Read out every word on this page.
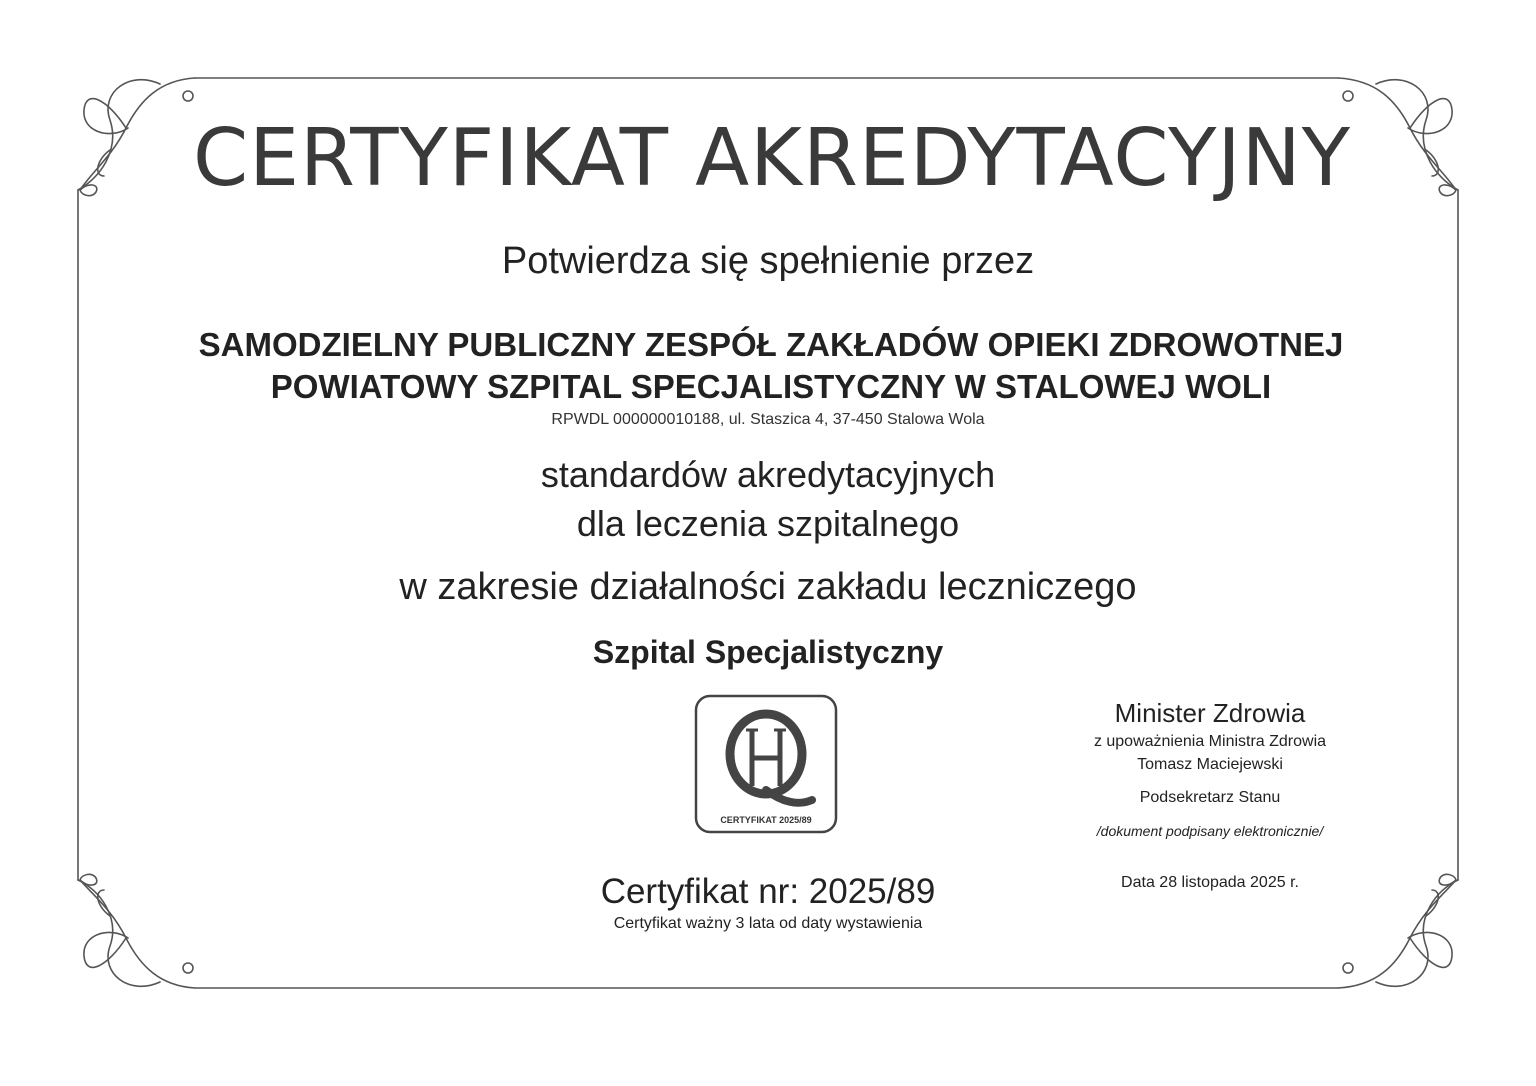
CERTYFIKAT AKREDYTACYJNY
Potwierdza się spełnienie przez
SAMODZIELNY PUBLICZNY ZESPÓŁ ZAKŁADÓW OPIEKI ZDROWOTNEJ
POWIATOWY SZPITAL SPECJALISTYCZNY W STALOWEJ WOLI
RPWDL 000000010188, ul. Staszica 4, 37-450 Stalowa Wola
standardów akredytacyjnych
dla leczenia szpitalnego
w zakresie działalności zakładu leczniczego
Szpital Specjalistyczny
CERTYFIKAT 2025/89
Certyfikat nr: 2025/89
Certyfikat ważny 3 lata od daty wystawienia
Minister Zdrowia
z upoważnienia Ministra Zdrowia
Tomasz Maciejewski
Podsekretarz Stanu
/dokument podpisany elektronicznie/
Data 28 listopada 2025 r.
